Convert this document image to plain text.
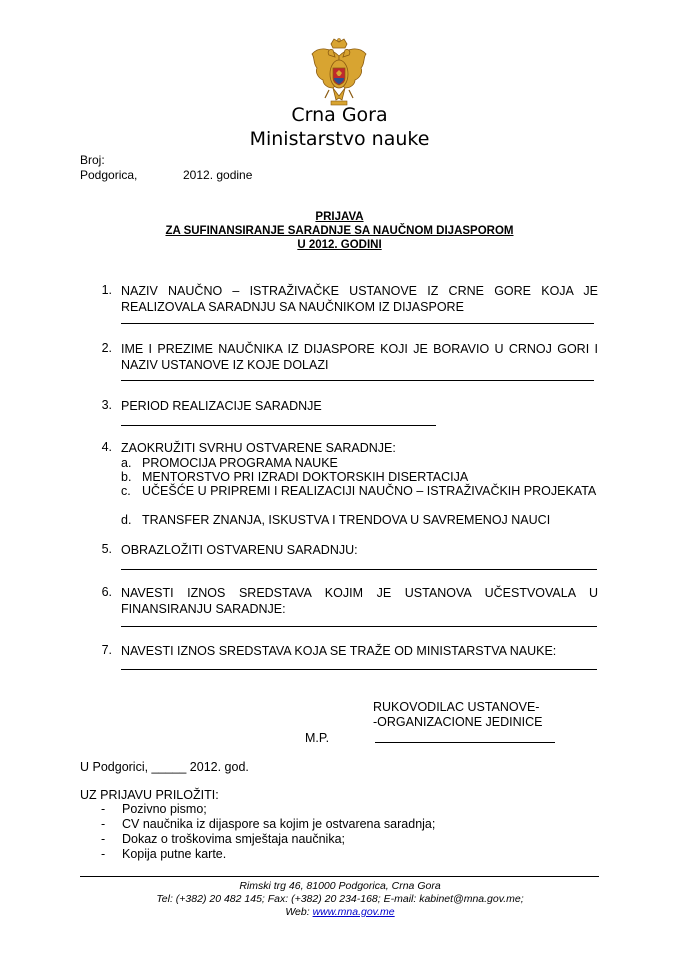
Crna Gora
Ministarstvo nauke
Broj:
Podgorica,	2012. godine
PRIJAVA
ZA SUFINANSIRANJE SARADNJE SA NAUČNOM DIJASPOROM
U 2012. GODINI
1. NAZIV NAUČNO – ISTRAŽIVAČKE USTANOVE IZ CRNE GORE KOJA JE REALIZOVALA SARADNJU SA NAUČNIKOM IZ DIJASPORE
2. IME I PREZIME NAUČNIKA IZ DIJASPORE KOJI JE BORAVIO U CRNOJ GORI I NAZIV USTANOVE IZ KOJE DOLAZI
3. PERIOD REALIZACIJE SARADNJE
4. ZAOKRUŽITI SVRHU OSTVARENE SARADNJE:
a. PROMOCIJA PROGRAMA NAUKE
b. MENTORSTVO PRI IZRADI DOKTORSKIH DISERTACIJA
c. UČEŠĆE U PRIPREMI I REALIZACIJI NAUČNO – ISTRAŽIVAČKIH PROJEKATA
d. TRANSFER ZNANJA, ISKUSTVA I TRENDOVA U SAVREMENOJ NAUCI
5. OBRAZLOŽITI OSTVARENU SARADNJU:
6. NAVESTI IZNOS SREDSTAVA KOJIM JE USTANOVA UČESTVOVALA U FINANSIRANJU SARADNJE:
7. NAVESTI IZNOS SREDSTAVA KOJA SE TRAŽE OD MINISTARSTVA NAUKE:
RUKOVODILAC USTANOVE-
-ORGANIZACIONE JEDINICE
M.P.
U Podgorici, _____ 2012. god.
UZ PRIJAVU PRILOŽITI:
- Pozivno pismo;
- CV naučnika iz dijaspore sa kojim je ostvarena saradnja;
- Dokaz o troškovima smještaja naučnika;
- Kopija putne karte.
Rimski trg 46, 81000 Podgorica, Crna Gora
Tel: (+382) 20 482 145; Fax: (+382) 20 234-168; E-mail: kabinet@mna.gov.me;
Web: www.mna.gov.me
